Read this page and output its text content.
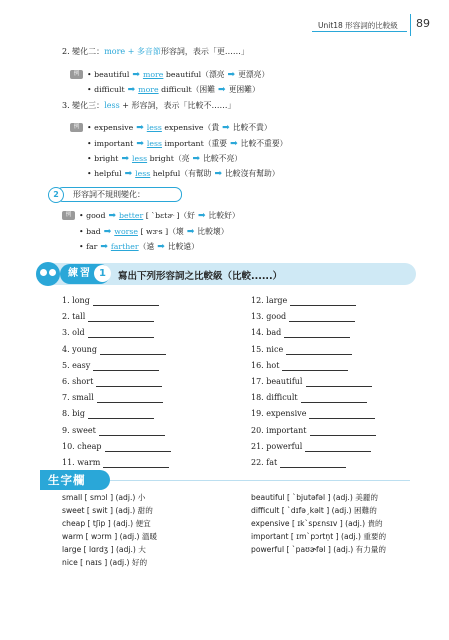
Unit18 形容詞的比較級 89
2. 變化二：more + 多音節形容詞，表示「更……」
例 • beautiful ➡ more beautiful（漂亮 ➡ 更漂亮）
• difficult ➡ more difficult（困難 ➡ 更困難）
3. 變化三：less + 形容詞，表示「比較不……」
例 • expensive ➡ less expensive（貴 ➡ 比較不貴）
• important ➡ less important（重要 ➡ 比較不重要）
• bright ➡ less bright（亮 ➡ 比較不亮）
• helpful ➡ less helpful（有幫助 ➡ 比較沒有幫助）
形容詞不規則變化：
2
例 • good ➡ better [ ˋbɛtɚ ]（好 ➡ 比較好）
• bad ➡ worse [ wɝs ]（壞 ➡ 比較壞）
• far ➡ farther（遠 ➡ 比較遠）
練習 1	寫出下列形容詞之比較級（比較......）
1. long
2. tall
3. old
4. young
5. easy
6. short
7. small
8. big
9. sweet
10. cheap
11. warm
12. large
13. good
14. bad
15. nice
16. hot
17. beautiful
18. difficult
19. expensive
20. important
21. powerful
22. fat
生字欄
small [ smɔl ] (adj.) 小
sweet [ swit ] (adj.) 甜的
cheap [ tʃip ] (adj.) 便宜
warm [ wɔrm ] (adj.) 溫暖
large [ lɑrdʒ ] (adj.) 大
nice [ naɪs ] (adj.) 好的
beautiful [ ˋbjutəfəl ] (adj.) 美麗的
difficult [ ˋdɪfəˏkəlt ] (adj.) 困難的
expensive [ ɪkˋspɛnsɪv ] (adj.) 貴的
important [ ɪmˋpɔrtn̩t ] (adj.) 重要的
powerful [ ˋpaʊɚfəl ] (adj.) 有力量的
